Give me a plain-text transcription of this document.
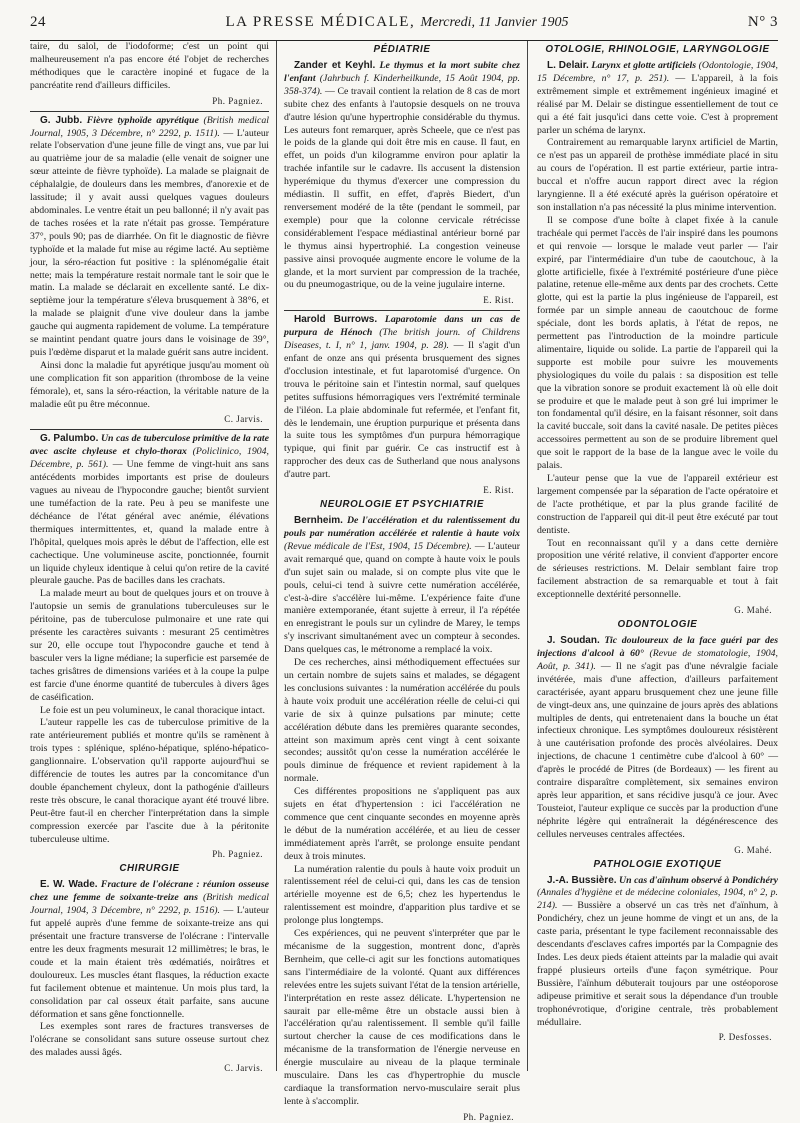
24	LA PRESSE MÉDICALE, Mercredi, 11 Janvier 1905	N° 3

taire, du salol, de l'iodoforme; c'est un point qui malheureusement n'a pas encore été l'objet de recherches méthodiques que le caractère inopiné et fugace de la pancréatite rend d'ailleurs difficiles.

Ph. Pagniez.

G. Jubb. Fièvre typhoïde apyrétique (British medical Journal, 1905, 3 Décembre, n° 2292, p. 1511). — L'auteur relate l'observation d'une jeune fille de vingt ans, vue par lui au quatrième jour de sa maladie (elle venait de soigner une sœur atteinte de fièvre typhoïde). La malade se plaignait de céphalalgie, de douleurs dans les membres, d'anorexie et de lassitude; il y avait aussi quelques vagues douleurs abdominales. Le ventre était un peu ballonné; il n'y avait pas de taches rosées et la rate n'était pas grosse. Température 37°, pouls 90; pas de diarrhée. On fit le diagnostic de fièvre typhoïde et la malade fut mise au régime lacté. Au septième jour, la séro-réaction fut positive : la splénomégalie était nette; mais la température restait normale tant le soir que le matin. La malade se déclarait en excellente santé. Le dix-septième jour la température s'éleva brusquement à 38°6, et la malade se plaignit d'une vive douleur dans la jambe gauche qui augmenta rapidement de volume. La température se maintint pendant quatre jours dans le voisinage de 39°, puis l'œdème disparut et la malade guérit sans autre incident.

Ainsi donc la maladie fut apyrétique jusqu'au moment où une complication fit son apparition (thrombose de la veine fémorale), et, sans la séro-réaction, la véritable nature de la maladie eût pu être méconnue.

C. Jarvis.

G. Palumbo. Un cas de tuberculose primitive de la rate avec ascite chyleuse et chylo-thorax (Policlinico, 1904, Décembre, p. 561). — Une femme de vingt-huit ans sans antécédents morbides importants est prise de douleurs vagues au niveau de l'hypocondre gauche; bientôt survient une tuméfaction de la rate. Peu à peu se manifeste une déchéance de l'état général avec anémie, élévations thermiques intermittentes, et, quand la malade entre à l'hôpital, quelques mois après le début de l'affection, elle est cachectique. Une volumineuse ascite, ponctionnée, fournit un liquide chyleux identique à celui qu'on retire de la cavité pleurale gauche. Pas de bacilles dans les crachats.

La malade meurt au bout de quelques jours et on trouve à l'autopsie un semis de granulations tuberculeuses sur le péritoine, pas de tuberculose pulmonaire et une rate qui présente les caractères suivants : mesurant 25 centimètres sur 20, elle occupe tout l'hypocondre gauche et tend à basculer vers la ligne médiane; la superficie est parsemée de taches grisâtres de dimensions variées et à la coupe la pulpe est farcie d'une énorme quantité de tubercules à divers âges de caséification.

Le foie est un peu volumineux, le canal thoracique intact.

L'auteur rappelle les cas de tuberculose primitive de la rate antérieurement publiés et montre qu'ils se ramènent à trois types : splénique, spléno-hépatique, spléno-hépatico-ganglionnaire. L'observation qu'il rapporte aujourd'hui se différencie de toutes les autres par la concomitance d'un double épanchement chyleux, dont la pathogénie d'ailleurs reste très obscure, le canal thoracique ayant été trouvé libre. Peut-être faut-il en chercher l'interprétation dans la simple compression exercée par l'ascite due à la péritonite tuberculeuse ultime.

Ph. Pagniez.
CHIRURGIE

E. W. Wade. Fracture de l'olécrane : réunion osseuse chez une femme de soixante-treize ans (British medical Journal, 1904, 3 Décembre, n° 2292, p. 1516). — L'auteur fut appelé auprès d'une femme de soixante-treize ans qui présentait une fracture transverse de l'olécrane : l'intervalle entre les deux fragments mesurait 12 millimètres; le bras, le coude et la main étaient très œdématiés, noirâtres et douloureux. Les muscles étant flasques, la réduction exacte fut facilement obtenue et maintenue. Un mois plus tard, la consolidation par cal osseux était parfaite, sans aucune déformation et sans gêne fonctionnelle.

Les exemples sont rares de fractures transverses de l'olécrane se consolidant sans suture osseuse surtout chez des malades aussi âgés.

C. Jarvis.
PÉDIATRIE

Zander et Keyhl. Le thymus et la mort subite chez l'enfant (Jahrbuch f. Kinderheilkunde, 15 Août 1904, pp. 358-374). — Ce travail contient la relation de 8 cas de mort subite chez des enfants à l'autopsie desquels on ne trouva d'autre lésion qu'une hypertrophie considérable du thymus. Les auteurs font remarquer, après Scheele, que ce n'est pas le poids de la glande qui doit être mis en cause. Il faut, en effet, un poids d'un kilogramme environ pour aplatir la trachée infantile sur le cadavre. Ils accusent la distension hyperémique du thymus d'exercer une compression du médiastin. Il suffit, en effet, d'après Biedert, d'un renversement modéré de la tête (pendant le sommeil, par exemple) pour que la colonne cervicale rétrécisse considérablement l'espace médiastinal antérieur borné par le thymus ainsi hypertrophié. La congestion veineuse passive ainsi provoquée augmente encore le volume de la glande, et la mort survient par compression de la trachée, ou du pneumogastrique, ou de la veine jugulaire interne.

E. Rist.

Harold Burrows. Laparotomie dans un cas de purpura de Hénoch (The british journ. of Childrens Diseases, t. I, n° 1, janv. 1904, p. 28). — Il s'agit d'un enfant de onze ans qui présenta brusquement des signes d'occlusion intestinale, et fut laparotomisé d'urgence. On trouva le péritoine sain et l'intestin normal, sauf quelques petites suffusions hémorragiques vers l'extrémité terminale de l'iléon. La plaie abdominale fut refermée, et l'enfant fit, dès le lendemain, une éruption purpurique et présenta dans la suite tous les symptômes d'un purpura hémorragique typique, qui finit par guérir. Ce cas instructif est à rapprocher des deux cas de Sutherland que nous analysons d'autre part.

E. Rist.
NEUROLOGIE ET PSYCHIATRIE

Bernheim. De l'accélération et du ralentissement du pouls par numération accélérée et ralentie à haute voix (Revue médicale de l'Est, 1904, 15 Décembre). — L'auteur avait remarqué que, quand on compte à haute voix le pouls d'un sujet sain ou malade, si on compte plus vite que le pouls, celui-ci tend à suivre cette numération accélérée, c'est-à-dire s'accélère lui-même. L'expérience faite d'une manière extemporanée, étant sujette à erreur, il l'a répétée en enregistrant le pouls sur un cylindre de Marey, le temps s'y inscrivant simultanément avec un compteur à secondes. Dans quelques cas, le métronome a remplacé la voix.

De ces recherches, ainsi méthodiquement effectuées sur un certain nombre de sujets sains et malades, se dégagent les conclusions suivantes : la numération accélérée du pouls à haute voix produit une accélération réelle de celui-ci qui varie de six à quinze pulsations par minute; cette accélération débute dans les premières quarante secondes, atteint son maximum après cent vingt à cent soixante secondes; aussitôt qu'on cesse la numération accélérée le pouls diminue de fréquence et revient rapidement à la normale.

Ces différentes propositions ne s'appliquent pas aux sujets en état d'hypertension : ici l'accélération ne commence que cent cinquante secondes en moyenne après le début de la numération accélérée, et au lieu de cesser immédiatement après l'arrêt, se prolonge ensuite pendant deux à trois minutes.

La numération ralentie du pouls à haute voix produit un ralentissement réel de celui-ci qui, dans les cas de tension artérielle moyenne est de 6,5; chez les hypertendus le ralentissement est moindre, d'apparition plus tardive et se prolonge plus longtemps.

Ces expériences, qui ne peuvent s'interpréter que par le mécanisme de la suggestion, montrent donc, d'après Bernheim, que celle-ci agit sur les fonctions automatiques sans l'intermédiaire de la volonté. Quant aux différences relevées entre les sujets suivant l'état de la tension artérielle, l'interprétation en reste assez délicate. L'hypertension ne saurait par elle-même être un obstacle aussi bien à l'accélération qu'au ralentissement. Il semble qu'il faille surtout chercher la cause de ces modifications dans le mécanisme de la transformation de l'énergie nerveuse en énergie musculaire au niveau de la plaque terminale musculaire. Dans les cas d'hypertrophie du muscle cardiaque la transformation nervo-musculaire serait plus lente à s'accomplir.

Ph. Pagniez.
OTOLOGIE, RHINOLOGIE, LARYNGOLOGIE

L. Delair. Larynx et glotte artificiels (Odontologie, 1904, 15 Décembre, n° 17, p. 251). — L'appareil, à la fois extrêmement simple et extrêmement ingénieux imaginé et réalisé par M. Delair se distingue essentiellement de tout ce qui a été fait jusqu'ici dans cette voie. C'est à proprement parler un schéma de larynx.

Contrairement au remarquable larynx artificiel de Martin, ce n'est pas un appareil de prothèse immédiate placé in situ au cours de l'opération. Il est partie extérieur, partie intra-buccal et n'offre aucun rapport direct avec la région laryngienne. Il a été exécuté après la guérison opératoire et son installation n'a pas nécessité la plus minime intervention.

Il se compose d'une boîte à clapet fixée à la canule trachéale qui permet l'accès de l'air inspiré dans les poumons et qui renvoie — lorsque le malade veut parler — l'air expiré, par l'intermédiaire d'un tube de caoutchouc, à la glotte artificielle, fixée à l'extrémité postérieure d'une pièce palatine, retenue elle-même aux dents par des crochets. Cette glotte, qui est la partie la plus ingénieuse de l'appareil, est formée par un simple anneau de caoutchouc de forme spéciale, dont les bords aplatis, à l'état de repos, ne permettent pas l'introduction de la moindre particule alimentaire, liquide ou solide. La partie de l'appareil qui la supporte est mobile pour suivre les mouvements physiologiques du voile du palais : sa disposition est telle que la vibration sonore se produit exactement là où elle doit se produire et que le malade peut à son gré lui imprimer le ton fondamental qu'il désire, en la faisant résonner, soit dans la cavité buccale, soit dans la cavité nasale. De petites pièces accessoires permettent au son de se produire librement quel que soit le rapport de la base de la langue avec le voile du palais.

L'auteur pense que la vue de l'appareil extérieur est largement compensée par la séparation de l'acte opératoire et de l'acte prothétique, et par la plus grande facilité de construction de l'appareil qui dit-il peut être exécuté par tout dentiste.

Tout en reconnaissant qu'il y a dans cette dernière proposition une vérité relative, il convient d'apporter encore de sérieuses restrictions. M. Delair semblant faire trop facilement abstraction de sa remarquable et tout à fait exceptionnelle dextérité personnelle.

G. Mahé.
ODONTOLOGIE

J. Soudan. Tic douloureux de la face guéri par des injections d'alcool à 60° (Revue de stomatologie, 1904, Août, p. 341). — Il ne s'agit pas d'une névralgie faciale invétérée, mais d'une affection, d'ailleurs parfaitement caractérisée, ayant apparu brusquement chez une jeune fille de vingt-deux ans, une quinzaine de jours après des ablations multiples de dents, qui entretenaient dans la bouche un état infectieux chronique. Les symptômes douloureux résistèrent à une cautérisation profonde des procès alvéolaires. Deux injections, de chacune 1 centimètre cube d'alcool à 60° — d'après le procédé de Pitres (de Bordeaux) — les firent au contraire disparaître complètement, six semaines environ après leur apparition, et sans récidive jusqu'à ce jour. Avec Tousteiot, l'auteur explique ce succès par la production d'une néphrite légère qui entraînerait la dégénérescence des cellules nerveuses centrales affectées.

G. Mahé.
PATHOLOGIE EXOTIQUE

J.-A. Bussière. Un cas d'aïnhum observé à Pondichéry (Annales d'hygiène et de médecine coloniales, 1904, n° 2, p. 214). — Bussière a observé un cas très net d'aïnhum, à Pondichéry, chez un jeune homme de vingt et un ans, de la caste paria, présentant le type facilement reconnaissable des descendants d'esclaves cafres importés par la Compagnie des Indes. Les deux pieds étaient atteints par la maladie qui avait frappé plusieurs orteils d'une façon symétrique. Pour Bussière, l'aïnhum débuterait toujours par une ostéoporose adipeuse primitive et serait sous la dépendance d'un trouble trophonévrotique, d'origine centrale, très probablement médullaire.

P. Desfosses.
